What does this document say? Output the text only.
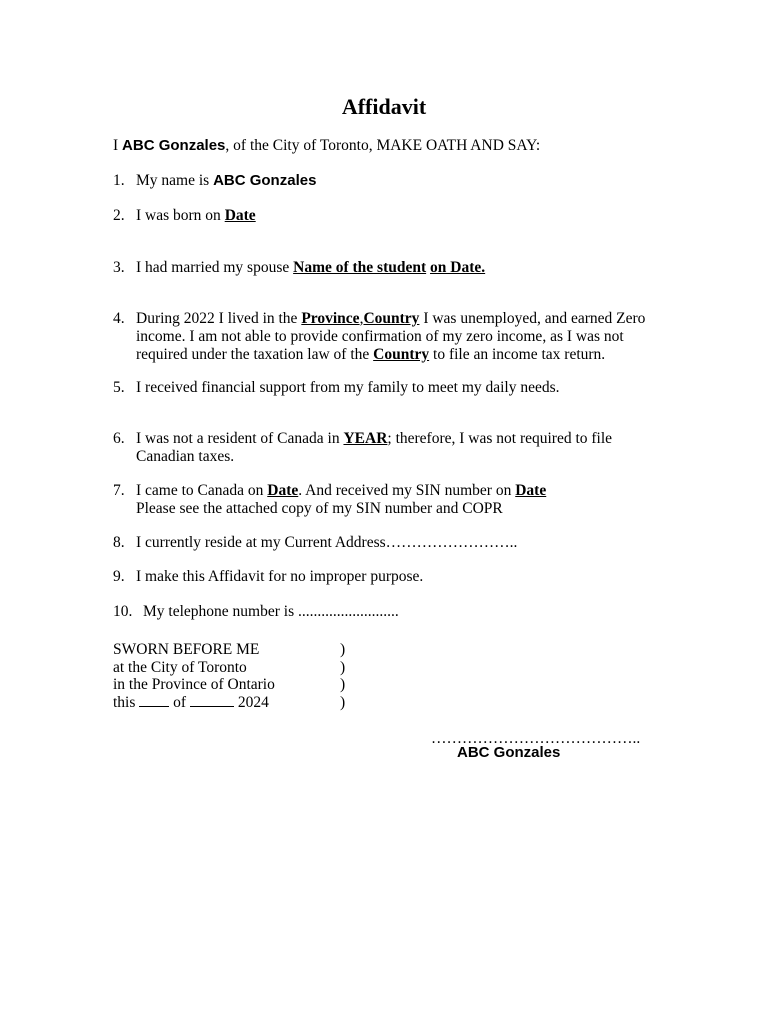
Affidavit
I ABC Gonzales, of the City of Toronto, MAKE OATH AND SAY:
1. My name is ABC Gonzales
2. I was born on Date
3. I had married my spouse Name of the student on Date.
4. During 2022 I lived in the Province,Country I was unemployed, and earned Zero
income. I am not able to provide confirmation of my zero income, as I was not
required under the taxation law of the Country to file an income tax return.
5. I received financial support from my family to meet my daily needs.
6. I was not a resident of Canada in YEAR; therefore, I was not required to file
Canadian taxes.
7. I came to Canada on Date. And received my SIN number on Date
Please see the attached copy of my SIN number and COPR
8. I currently reside at my Current Address……………………..
9. I make this Affidavit for no improper purpose.
10. My telephone number is ..........................
SWORN BEFORE ME	)
at the City of Toronto	)
in the Province of Ontario	)
this of	2024	)
…………………………………..
ABC Gonzales
